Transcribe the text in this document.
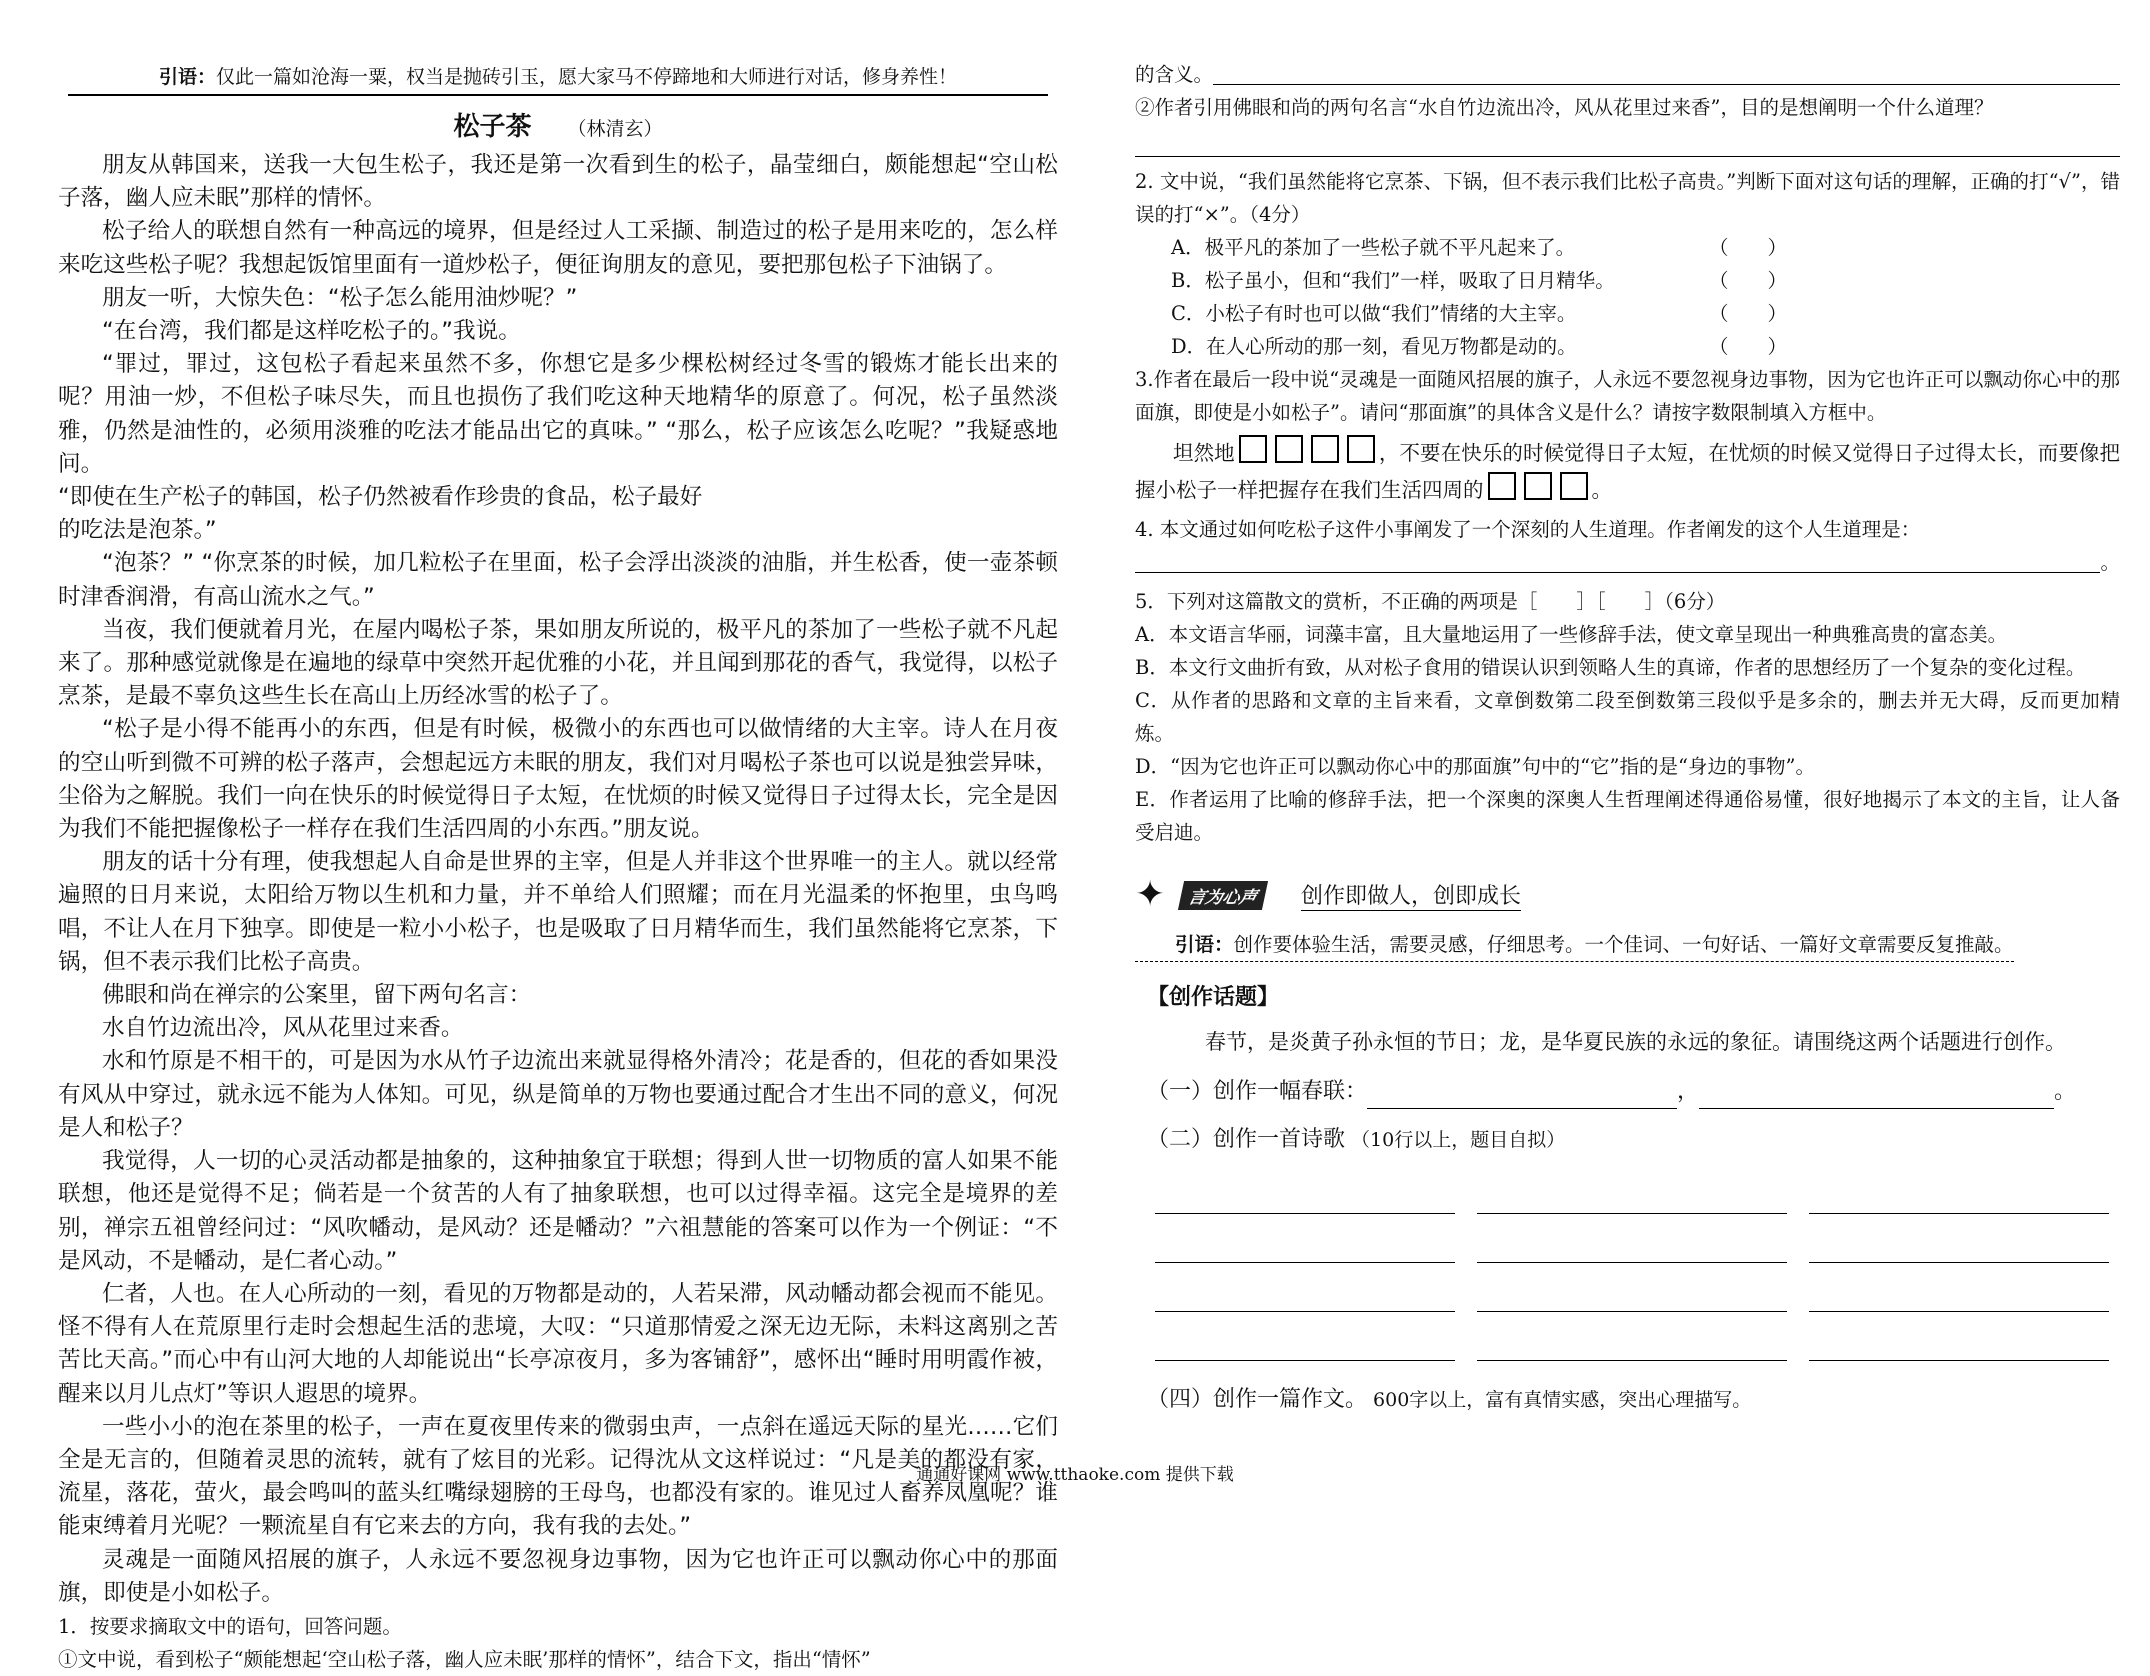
引语：仅此一篇如沧海一粟，权当是抛砖引玉，愿大家马不停蹄地和大师进行对话，修身养性！
松子茶 （林清玄）

朋友从韩国来，送我一大包生松子，我还是第一次看到生的松子，晶莹细白，颇能想起“空山松子落，幽人应未眠”那样的情怀。

松子给人的联想自然有一种高远的境界，但是经过人工采撷、制造过的松子是用来吃的，怎么样来吃这些松子呢？我想起饭馆里面有一道炒松子，便征询朋友的意见，要把那包松子下油锅了。

朋友一听，大惊失色：“松子怎么能用油炒呢？”

“在台湾，我们都是这样吃松子的。”我说。

“罪过，罪过，这包松子看起来虽然不多，你想它是多少棵松树经过冬雪的锻炼才能长出来的呢？用油一炒，不但松子味尽失，而且也损伤了我们吃这种天地精华的原意了。何况，松子虽然淡雅，仍然是油性的，必须用淡雅的吃法才能品出它的真味。” “那么，松子应该怎么吃呢？”我疑惑地问。

“即使在生产松子的韩国，松子仍然被看作珍贵的食品，松子最好

的吃法是泡茶。”

“泡茶？” “你烹茶的时候，加几粒松子在里面，松子会浮出淡淡的油脂，并生松香，使一壶茶顿时津香润滑，有高山流水之气。”

当夜，我们便就着月光，在屋内喝松子茶，果如朋友所说的，极平凡的茶加了一些松子就不凡起来了。那种感觉就像是在遍地的绿草中突然开起优雅的小花，并且闻到那花的香气，我觉得，以松子烹茶，是最不辜负这些生长在高山上历经冰雪的松子了。

“松子是小得不能再小的东西，但是有时候，极微小的东西也可以做情绪的大主宰。诗人在月夜的空山听到微不可辨的松子落声，会想起远方未眠的朋友，我们对月喝松子茶也可以说是独尝异味，尘俗为之解脱。我们一向在快乐的时候觉得日子太短，在忧烦的时候又觉得日子过得太长，完全是因为我们不能把握像松子一样存在我们生活四周的小东西。”朋友说。

朋友的话十分有理，使我想起人自命是世界的主宰，但是人并非这个世界唯一的主人。就以经常遍照的日月来说，太阳给万物以生机和力量，并不单给人们照耀；而在月光温柔的怀抱里，虫鸟鸣唱，不让人在月下独享。即使是一粒小小松子，也是吸取了日月精华而生，我们虽然能将它烹茶，下锅，但不表示我们比松子高贵。

佛眼和尚在禅宗的公案里，留下两句名言：

水自竹边流出冷，风从花里过来香。

水和竹原是不相干的，可是因为水从竹子边流出来就显得格外清冷；花是香的，但花的香如果没有风从中穿过，就永远不能为人体知。可见，纵是简单的万物也要通过配合才生出不同的意义，何况是人和松子？

我觉得，人一切的心灵活动都是抽象的，这种抽象宜于联想；得到人世一切物质的富人如果不能联想，他还是觉得不足；倘若是一个贫苦的人有了抽象联想，也可以过得幸福。这完全是境界的差别，禅宗五祖曾经问过：“风吹幡动，是风动？还是幡动？”六祖慧能的答案可以作为一个例证：“不是风动，不是幡动，是仁者心动。”

仁者，人也。在人心所动的一刻，看见的万物都是动的，人若呆滞，风动幡动都会视而不能见。怪不得有人在荒原里行走时会想起生活的悲境，大叹：“只道那情爱之深无边无际，未料这离别之苦苦比天高。”而心中有山河大地的人却能说出“长亭凉夜月，多为客铺舒”，感怀出“睡时用明霞作被，醒来以月儿点灯”等识人遐思的境界。

一些小小的泡在茶里的松子，一声在夏夜里传来的微弱虫声，一点斜在遥远天际的星光……它们全是无言的，但随着灵思的流转，就有了炫目的光彩。记得沈从文这样说过：“凡是美的都没有家，流星，落花，萤火，最会鸣叫的蓝头红嘴绿翅膀的王母鸟，也都没有家的。谁见过人畜养凤凰呢？谁能束缚着月光呢？一颗流星自有它来去的方向，我有我的去处。”

灵魂是一面随风招展的旗子，人永远不要忽视身边事物，因为它也许正可以飘动你心中的那面旗，即使是小如松子。

1．按要求摘取文中的语句，回答问题。

①文中说，看到松子“颇能想起‘空山松子落，幽人应未眠’那样的情怀”，结合下文，指出“情怀”

的含义。

②作者引用佛眼和尚的两句名言“水自竹边流出冷，风从花里过来香”，目的是想阐明一个什么道理？

2. 文中说，“我们虽然能将它烹茶、下锅，但不表示我们比松子高贵。”判断下面对这句话的理解，正确的打“√”，错误的打“×”。（4分）

A．极平凡的茶加了一些松子就不平凡起来了。	（　　）
B．松子虽小，但和“我们”一样，吸取了日月精华。	（　　）
C．小松子有时也可以做“我们”情绪的大主宰。	（　　）
D．在人心所动的那一刻，看见万物都是动的。	（　　）

3.作者在最后一段中说“灵魂是一面随风招展的旗子，人永远不要忽视身边事物，因为它也许正可以飘动你心中的那面旗，即使是小如松子”。请问“那面旗”的具体含义是什么？请按字数限制填入方框中。

坦然地	，不要在快乐的时候觉得日子太短，在忧烦的时候又觉得日子过得太长，而要像把握小松子一样把握存在我们生活四周的	。

4. 本文通过如何吃松子这件小事阐发了一个深刻的人生道理。作者阐发的这个人生道理是：

。

5．下列对这篇散文的赏析，不正确的两项是［　　］［　　］（6分）

A．本文语言华丽，词藻丰富，且大量地运用了一些修辞手法，使文章呈现出一种典雅高贵的富态美。

B．本文行文曲折有致，从对松子食用的错误认识到领略人生的真谛，作者的思想经历了一个复杂的变化过程。

C．从作者的思路和文章的主旨来看，文章倒数第二段至倒数第三段似乎是多余的，删去并无大碍，反而更加精炼。

D．“因为它也许正可以飘动你心中的那面旗”句中的“它”指的是“身边的事物”。

E．作者运用了比喻的修辞手法，把一个深奥的深奥人生哲理阐述得通俗易懂，很好地揭示了本文的主旨，让人备受启迪。

✦	言为心声	创作即做人，创即成长
引语：创作要体验生活，需要灵感，仔细思考。一个佳词、一句好话、一篇好文章需要反复推敲。
【创作话题】

春节，是炎黄子孙永恒的节日；龙，是华夏民族的永远的象征。请围绕这两个话题进行创作。

（一）创作一幅春联：	，	。
（二）创作一首诗歌 （10行以上，题目自拟）
（四）创作一篇作文。 600字以上，富有真情实感，突出心理描写。
通通好课网 www.tthaoke.com 提供下载
